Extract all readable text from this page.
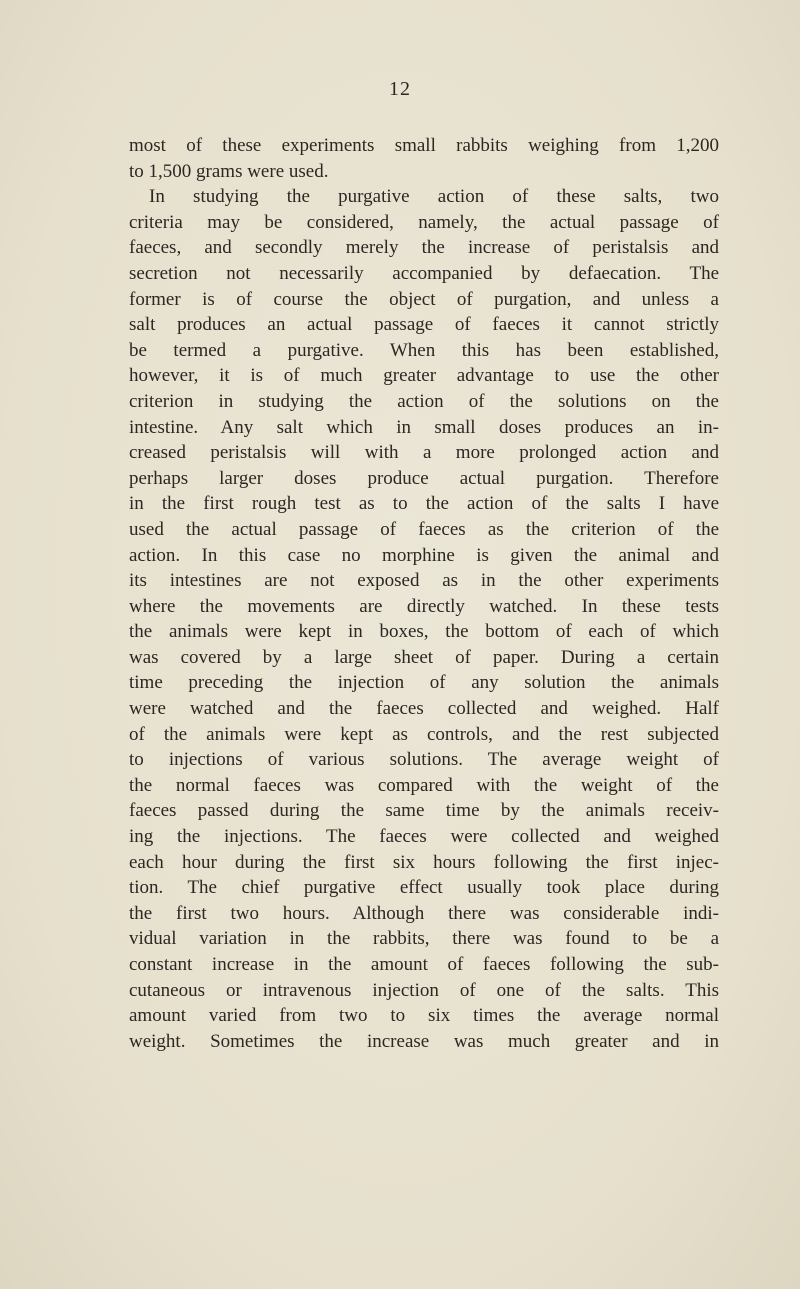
12
most of these experiments small rabbits weighing from 1,200
to 1,500 grams were used.
In studying the purgative action of these salts, two
criteria may be considered, namely, the actual passage of
faeces, and secondly merely the increase of peristalsis and
secretion not necessarily accompanied by defaecation. The
former is of course the object of purgation, and unless a
salt produces an actual passage of faeces it cannot strictly
be termed a purgative. When this has been established,
however, it is of much greater advantage to use the other
criterion in studying the action of the solutions on the
intestine. Any salt which in small doses produces an in-
creased peristalsis will with a more prolonged action and
perhaps larger doses produce actual purgation. Therefore
in the first rough test as to the action of the salts I have
used the actual passage of faeces as the criterion of the
action. In this case no morphine is given the animal and
its intestines are not exposed as in the other experiments
where the movements are directly watched. In these tests
the animals were kept in boxes, the bottom of each of which
was covered by a large sheet of paper. During a certain
time preceding the injection of any solution the animals
were watched and the faeces collected and weighed. Half
of the animals were kept as controls, and the rest subjected
to injections of various solutions. The average weight of
the normal faeces was compared with the weight of the
faeces passed during the same time by the animals receiv-
ing the injections. The faeces were collected and weighed
each hour during the first six hours following the first injec-
tion. The chief purgative effect usually took place during
the first two hours. Although there was considerable indi-
vidual variation in the rabbits, there was found to be a
constant increase in the amount of faeces following the sub-
cutaneous or intravenous injection of one of the salts. This
amount varied from two to six times the average normal
weight. Sometimes the increase was much greater and in
